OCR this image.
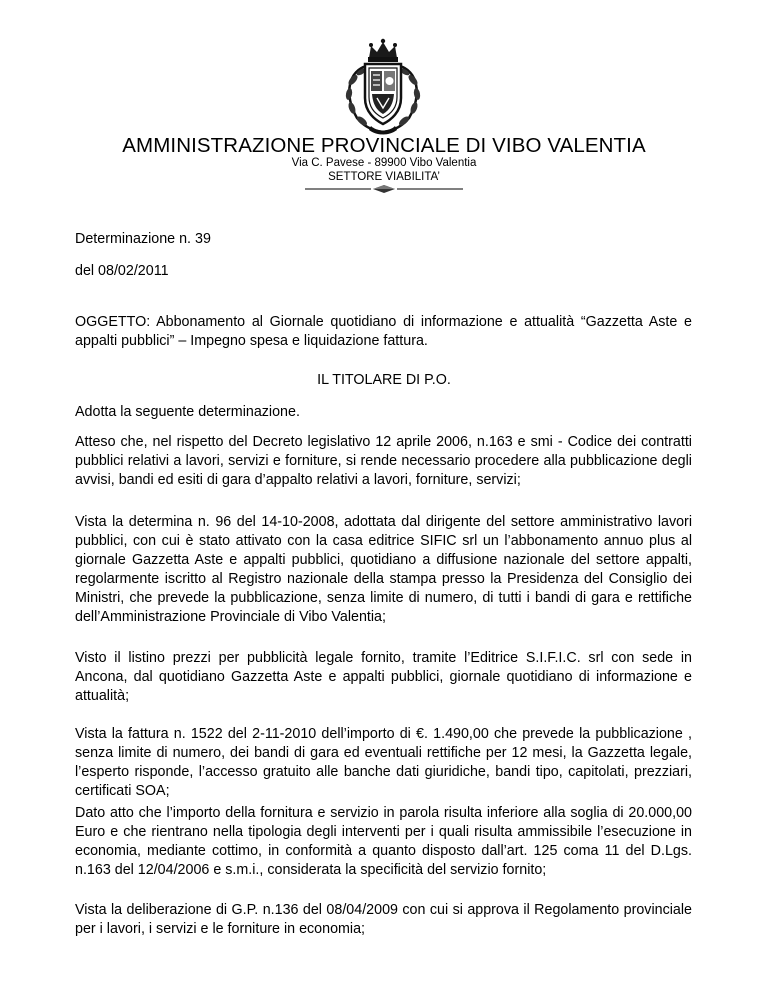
AMMINISTRAZIONE PROVINCIALE DI VIBO VALENTIA
Via C. Pavese - 89900 Vibo Valentia
SETTORE VIABILITA’

Determinazione n. 39

del 08/02/2011

OGGETTO: Abbonamento al Giornale quotidiano di informazione e attualità “Gazzetta Aste e appalti pubblici” – Impegno spesa e liquidazione fattura.

IL TITOLARE DI P.O.

Adotta la seguente determinazione.

Atteso che, nel rispetto del Decreto legislativo 12 aprile 2006, n.163 e smi - Codice dei contratti pubblici relativi a lavori, servizi e forniture, si rende necessario procedere alla pubblicazione degli avvisi, bandi ed esiti di gara d’appalto relativi a lavori, forniture, servizi;

Vista la determina n. 96 del 14-10-2008, adottata dal dirigente del settore amministrativo lavori pubblici, con cui è stato attivato con la casa editrice SIFIC srl un l’abbonamento annuo plus al giornale Gazzetta Aste e appalti pubblici, quotidiano a diffusione nazionale del settore appalti, regolarmente iscritto al Registro nazionale della stampa presso la Presidenza del Consiglio dei Ministri, che prevede la pubblicazione, senza limite di numero, di tutti i bandi di gara e rettifiche dell’Amministrazione Provinciale di Vibo Valentia;

Visto il listino prezzi per pubblicità legale fornito, tramite l’Editrice S.I.F.I.C. srl con sede in Ancona, dal quotidiano Gazzetta Aste e appalti pubblici, giornale quotidiano di informazione e attualità;

Vista la fattura n. 1522 del 2-11-2010 dell’importo di €. 1.490,00 che prevede la pubblicazione , senza limite di numero, dei bandi di gara ed eventuali rettifiche per 12 mesi, la Gazzetta legale, l’esperto risponde, l’accesso gratuito alle banche dati giuridiche, bandi tipo, capitolati, prezziari, certificati SOA;

Dato atto che l’importo della fornitura e servizio in parola risulta inferiore alla soglia di 20.000,00 Euro e che rientrano nella tipologia degli interventi per i quali risulta ammissibile l’esecuzione in economia, mediante cottimo, in conformità a quanto disposto dall’art. 125 coma 11 del D.Lgs. n.163 del 12/04/2006 e s.m.i., considerata la specificità del servizio fornito;

Vista la deliberazione di G.P. n.136 del 08/04/2009 con cui si approva il Regolamento provinciale per i lavori, i servizi e le forniture in economia;
